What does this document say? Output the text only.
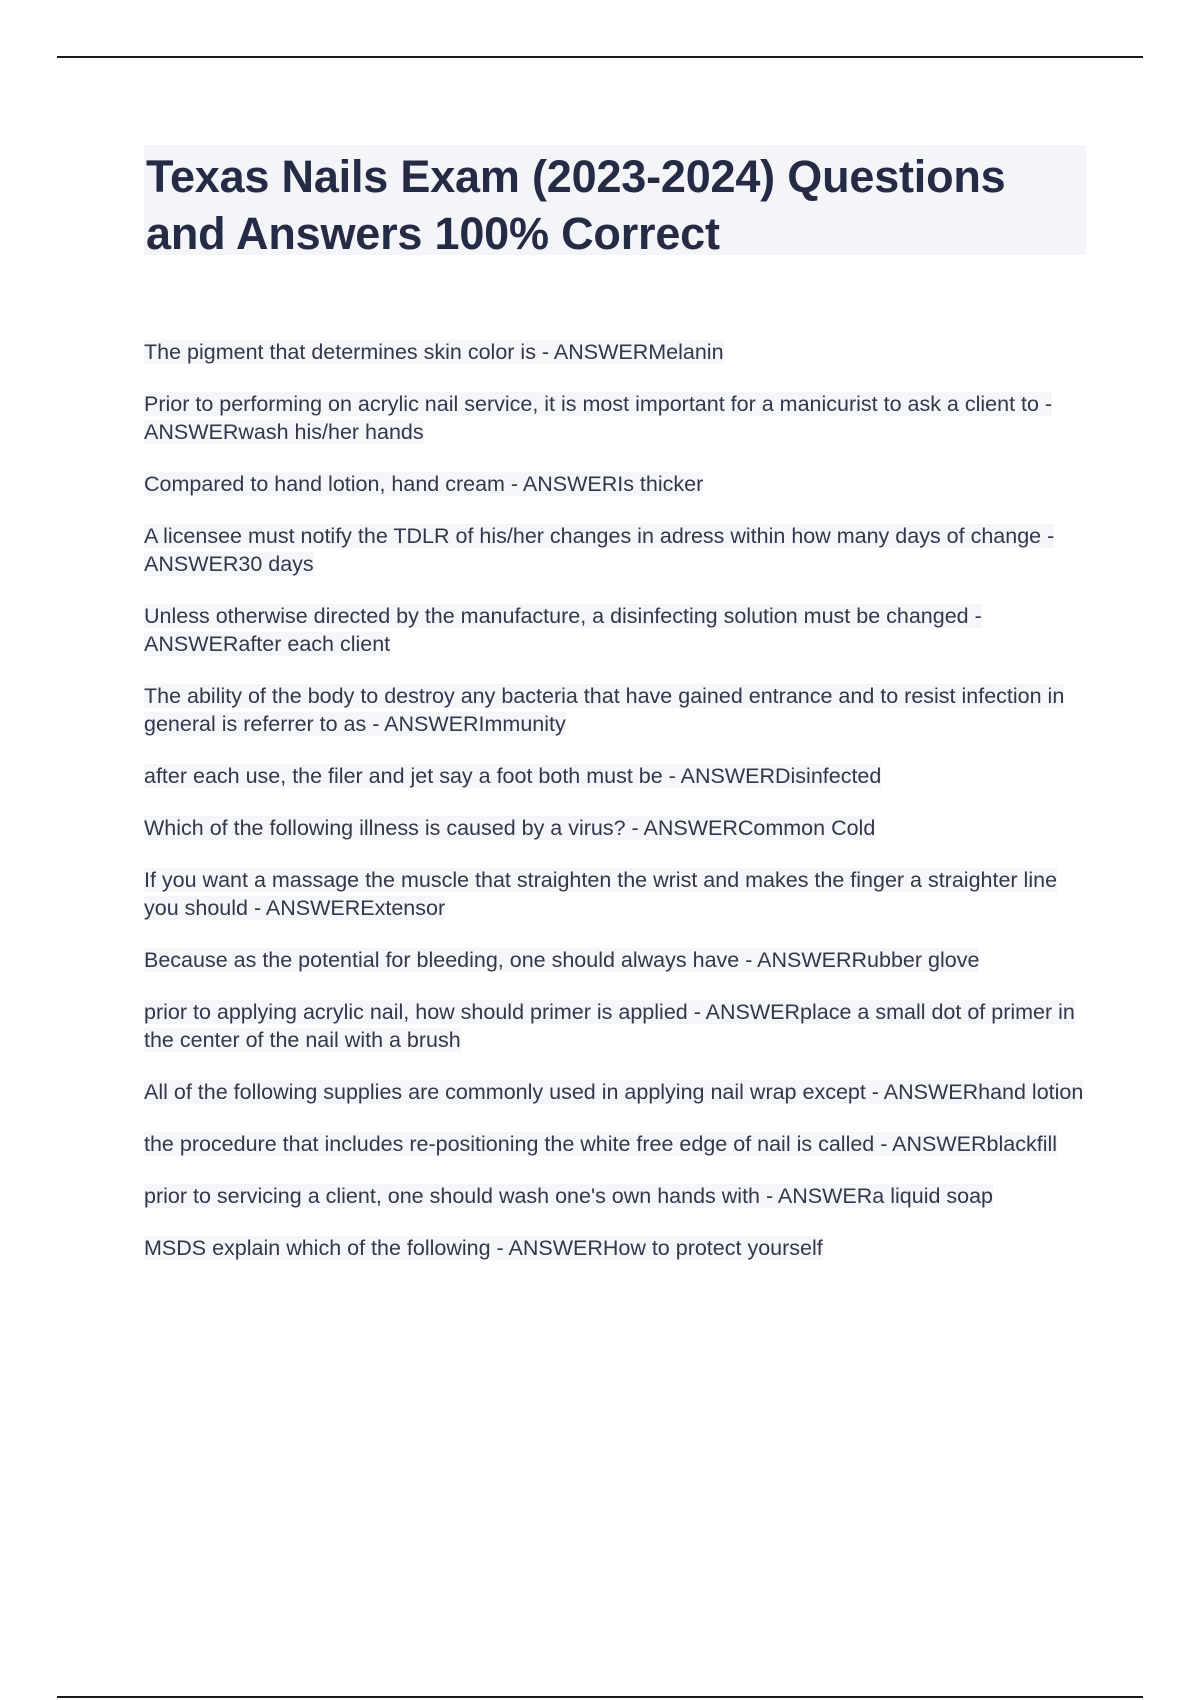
Texas Nails Exam (2023-2024) Questions and Answers 100% Correct
The pigment that determines skin color is - ANSWERMelanin
Prior to performing on acrylic nail service, it is most important for a manicurist to ask a client to - ANSWERwash his/her hands
Compared to hand lotion, hand cream - ANSWERIs thicker
A licensee must notify the TDLR of his/her changes in adress within how many days of change - ANSWER30 days
Unless otherwise directed by the manufacture, a disinfecting solution must be changed - ANSWERafter each client
The ability of the body to destroy any bacteria that have gained entrance and to resist infection in general is referrer to as - ANSWERImmunity
after each use, the filer and jet say a foot both must be - ANSWERDisinfected
Which of the following illness is caused by a virus? - ANSWERCommon Cold
If you want a massage the muscle that straighten the wrist and makes the finger a straighter line you should - ANSWERExtensor
Because as the potential for bleeding, one should always have - ANSWERRubber glove
prior to applying acrylic nail, how should primer is applied - ANSWERplace a small dot of primer in the center of the nail with a brush
All of the following supplies are commonly used in applying nail wrap except - ANSWERhand lotion
the procedure that includes re-positioning the white free edge of nail is called - ANSWERblackfill
prior to servicing a client, one should wash one's own hands with - ANSWERa liquid soap
MSDS explain which of the following - ANSWERHow to protect yourself
